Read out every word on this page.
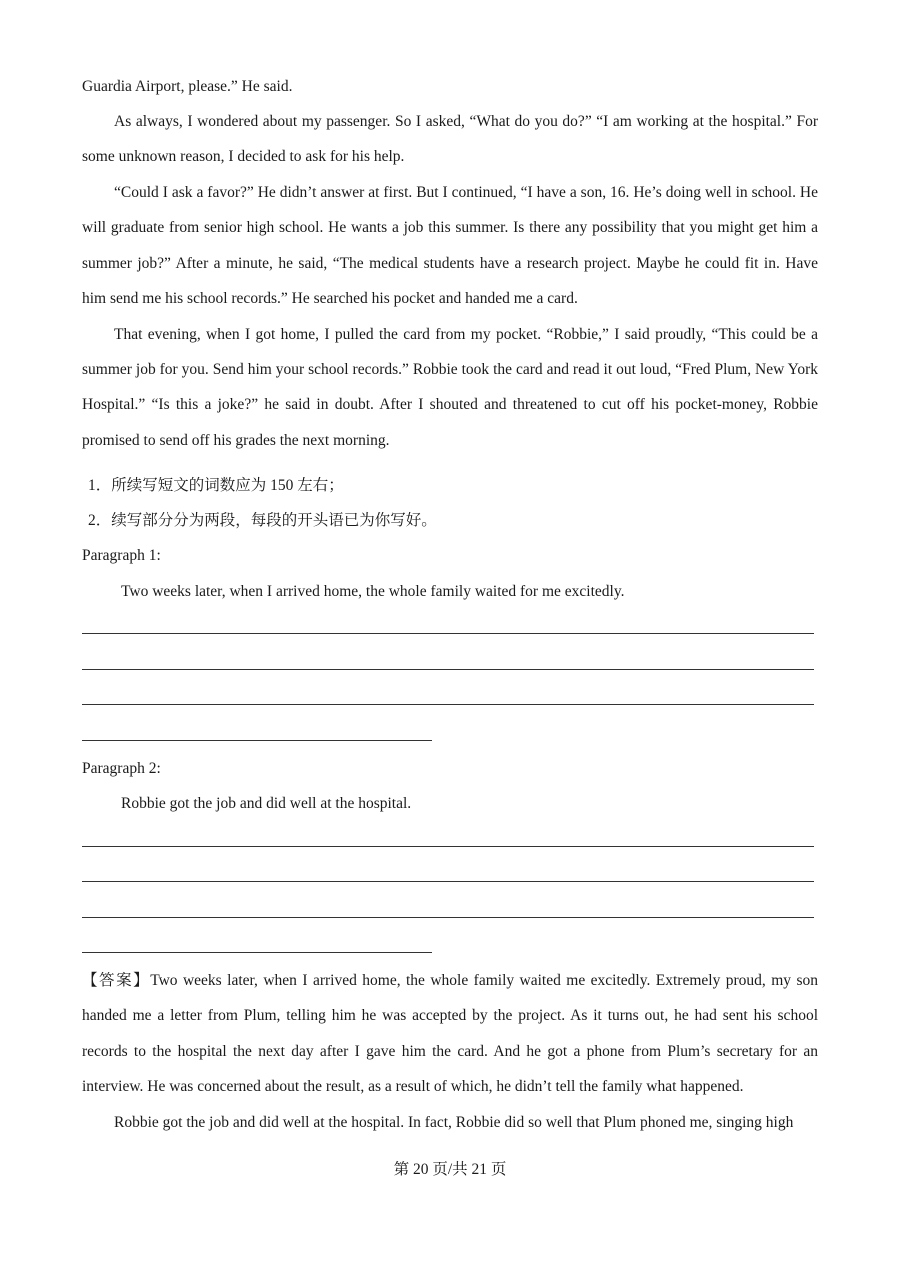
Guardia Airport, please.” He said.
As always, I wondered about my passenger. So I asked, “What do you do?” “I am working at the hospital.” For
some unknown reason, I decided to ask for his help.
“Could I ask a favor?” He didn’t answer at first. But I continued, “I have a son, 16. He’s doing well in school. He
will graduate from senior high school. He wants a job this summer. Is there any possibility that you might get him a
summer job?” After a minute, he said, “The medical students have a research project. Maybe he could fit in. Have
him send me his school records.” He searched his pocket and handed me a card.
That evening, when I got home, I pulled the card from my pocket. “Robbie,” I said proudly, “This could be a
summer job for you. Send him your school records.” Robbie took the card and read it out loud, “Fred Plum, New York
Hospital.” “Is this a joke?” he said in doubt. After I shouted and threatened to cut off his pocket-money, Robbie
promised to send off his grades the next morning.
1．所续写短文的词数应为 150 左右；
2．续写部分分为两段，每段的开头语已为你写好。
Paragraph 1:
Two weeks later, when I arrived home, the whole family waited for me excitedly.
Paragraph 2:
Robbie got the job and did well at the hospital.
【答案】Two weeks later, when I arrived home, the whole family waited me excitedly. Extremely proud, my son
handed me a letter from Plum, telling him he was accepted by the project. As it turns out, he had sent his school
records to the hospital the next day after I gave him the card. And he got a phone from Plum’s secretary for an
interview. He was concerned about the result, as a result of which, he didn’t tell the family what happened.
Robbie got the job and did well at the hospital. In fact, Robbie did so well that Plum phoned me, singing high
第 20 页/共 21 页
